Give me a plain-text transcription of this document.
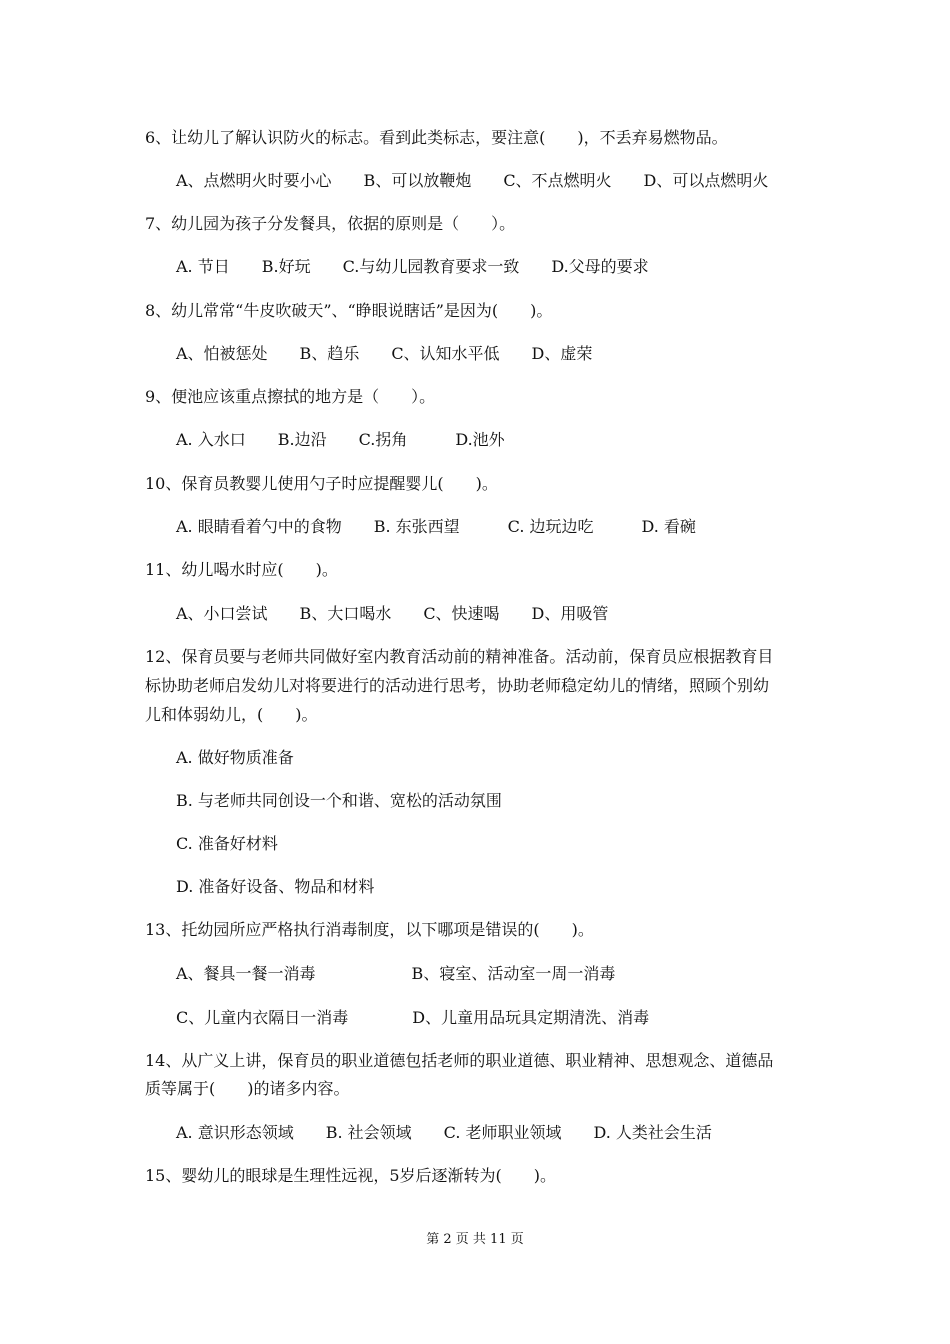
6、让幼儿了解认识防火的标志。看到此类标志，要注意(　　)，不丢弃易燃物品。
A、点燃明火时要小心　　B、可以放鞭炮　　C、不点燃明火　　D、可以点燃明火
7、幼儿园为孩子分发餐具，依据的原则是（　　）。
A. 节日　　B.好玩　　C.与幼儿园教育要求一致　　D.父母的要求
8、幼儿常常“牛皮吹破天”、“睁眼说瞎话”是因为(　　)。
A、怕被惩处　　B、趋乐　　C、认知水平低　　D、虚荣
9、便池应该重点擦拭的地方是（　　）。
A. 入水口　　B.边沿　　C.拐角　　　D.池外
10、保育员教婴儿使用勺子时应提醒婴儿(　　)。
A. 眼睛看着勺中的食物　　B. 东张西望　　　C. 边玩边吃　　　D. 看碗
11、幼儿喝水时应(　　)。
A、小口尝试　　B、大口喝水　　C、快速喝　　D、用吸管
12、保育员要与老师共同做好室内教育活动前的精神准备。活动前，保育员应根据教育目
标协助老师启发幼儿对将要进行的活动进行思考，协助老师稳定幼儿的情绪，照顾个别幼
儿和体弱幼儿，(　　)。
A. 做好物质准备
B. 与老师共同创设一个和谐、宽松的活动氛围
C. 准备好材料
D. 准备好设备、物品和材料
13、托幼园所应严格执行消毒制度，以下哪项是错误的(　　)。
A、餐具一餐一消毒　　　　　　B、寝室、活动室一周一消毒
C、儿童内衣隔日一消毒　　　　D、儿童用品玩具定期清洗、消毒
14、从广义上讲，保育员的职业道德包括老师的职业道德、职业精神、思想观念、道德品
质等属于(　　)的诸多内容。
A. 意识形态领域　　B. 社会领域　　C. 老师职业领域　　D. 人类社会生活
15、婴幼儿的眼球是生理性远视，5岁后逐渐转为(　　)。
第 2 页 共 11 页
